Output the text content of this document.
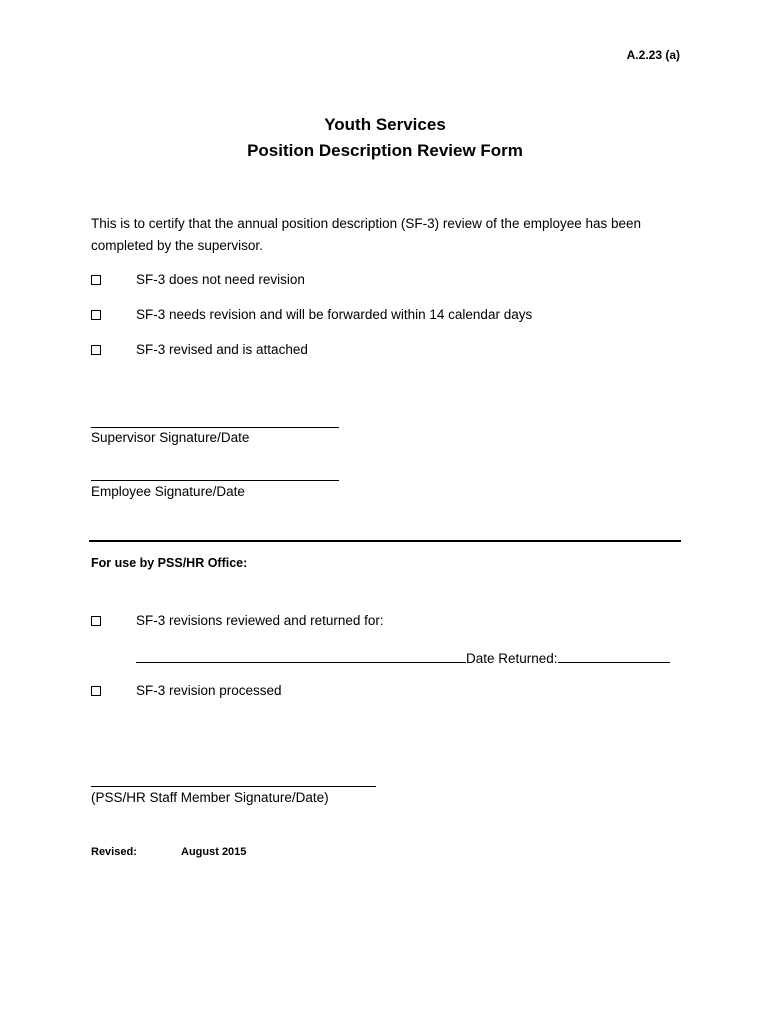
A.2.23 (a)
Youth Services
Position Description Review Form
This is to certify that the annual position description (SF-3) review of the employee has been completed by the supervisor.
SF-3 does not need revision
SF-3 needs revision and will be forwarded within 14 calendar days
SF-3 revised and is attached
Supervisor Signature/Date
Employee Signature/Date
For use by PSS/HR Office:
SF-3 revisions reviewed and returned for:
Date Returned:
SF-3 revision processed
(PSS/HR Staff Member Signature/Date)
Revised:	August 2015
